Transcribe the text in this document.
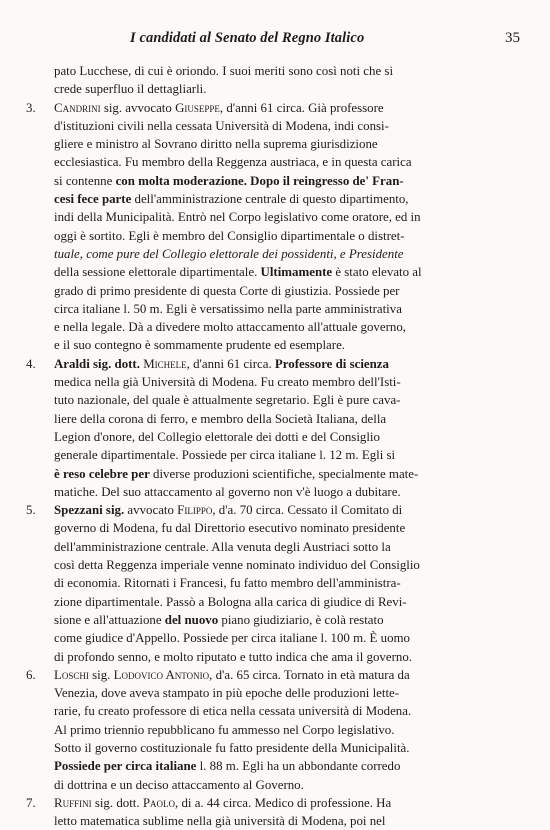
I candidati al Senato del Regno Italico	35
pato Lucchese, di cui è oriondo. I suoi meriti sono così noti che si
crede superfluo il dettagliarli.
3. Candrini sig. avvocato Giuseppe, d'anni 61 circa. Già professore
d'istituzioni civili nella cessata Università di Modena, indi consi-
gliere e ministro al Sovrano diritto nella suprema giurisdizione
ecclesiastica. Fu membro della Reggenza austriaca, e in questa carica
si contenne con molta moderazione. Dopo il reingresso de' Fran-
cesi fece parte dell'amministrazione centrale di questo dipartimento,
indi della Municipalità. Entrò nel Corpo legislativo come oratore, ed in
oggi è sortito. Egli è membro del Consiglio dipartimentale o distret-
tuale, come pure del Collegio elettorale dei possidenti, e Presidente
della sessione elettorale dipartimentale. Ultimamente è stato elevato al
grado di primo presidente di questa Corte di giustizia. Possiede per
circa italiane l. 50 m. Egli è versatissimo nella parte amministrativa
e nella legale. Dà a divedere molto attaccamento all'attuale governo,
e il suo contegno è sommamente prudente ed esemplare.
4. Araldi sig. dott. Michele, d'anni 61 circa. Professore di scienza
medica nella già Università di Modena. Fu creato membro dell'Isti-
tuto nazionale, del quale è attualmente segretario. Egli è pure cava-
liere della corona di ferro, e membro della Società Italiana, della
Legion d'onore, del Collegio elettorale dei dotti e del Consiglio
generale dipartimentale. Possiede per circa italiane l. 12 m. Egli si
è reso celebre per diverse produzioni scientifiche, specialmente mate-
matiche. Del suo attaccamento al governo non v'è luogo a dubitare.
5. Spezzani sig. avvocato Filippo, d'a. 70 circa. Cessato il Comitato di
governo di Modena, fu dal Direttorio esecutivo nominato presidente
dell'amministrazione centrale. Alla venuta degli Austriaci sotto la
così detta Reggenza imperiale venne nominato individuo del Consiglio
di economia. Ritornati i Francesi, fu fatto membro dell'amministra-
zione dipartimentale. Passò a Bologna alla carica di giudice di Revi-
sione e all'attuazione del nuovo piano giudiziario, è colà restato
come giudice d'Appello. Possiede per circa italiane l. 100 m. È uomo
di profondo senno, e molto riputato e tutto indica che ama il governo.
6. Loschi sig. Lodovico Antonio, d'a. 65 circa. Tornato in età matura da
Venezia, dove aveva stampato in più epoche delle produzioni lette-
rarie, fu creato professore di etica nella cessata università di Modena.
Al primo triennio repubblicano fu ammesso nel Corpo legislativo.
Sotto il governo costituzionale fu fatto presidente della Municipalità.
Possiede per circa italiane l. 88 m. Egli ha un abbondante corredo
di dottrina e un deciso attaccamento al Governo.
7. Ruffini sig. dott. Paolo, di a. 44 circa. Medico di professione. Ha
letto matematica sublime nella già università di Modena, poi nel
